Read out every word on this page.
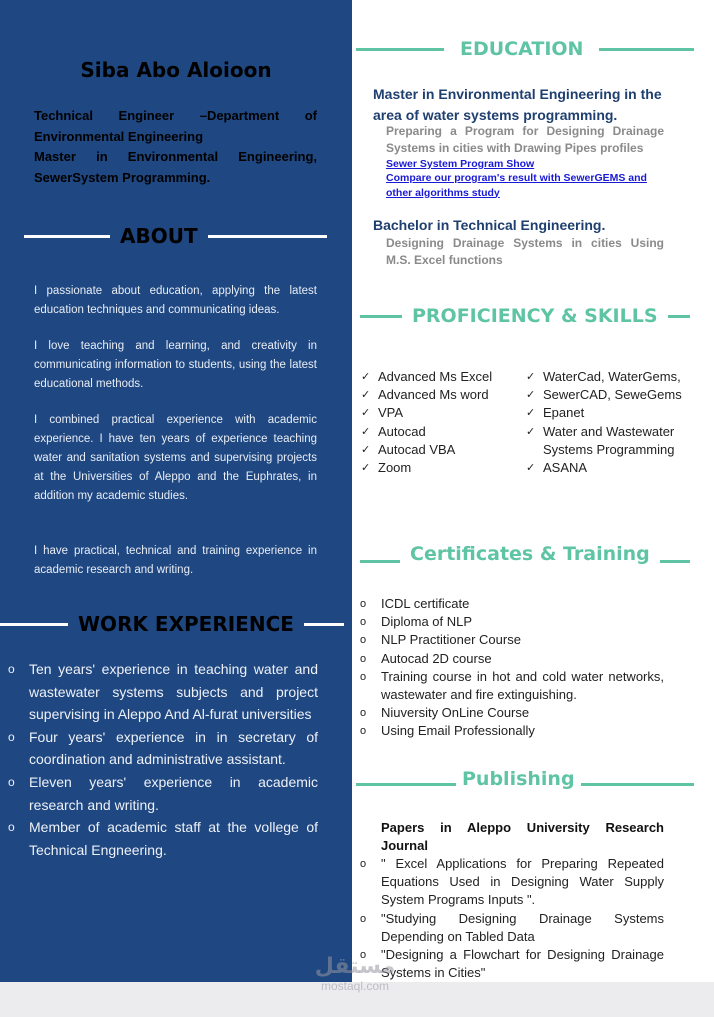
Siba Abo Aloioon
Technical Engineer –Department of Environmental Engineering
Master in Environmental Engineering, SewerSystem Programming.
ABOUT

I passionate about education, applying the latest education techniques and communicating ideas.

I love teaching and learning, and creativity in communicating information to students, using the latest educational methods.

I combined practical experience with academic experience. I have ten years of experience teaching water and sanitation systems and supervising projects at the Universities of Aleppo and the Euphrates, in addition my academic studies.

I have practical, technical and training experience in academic research and writing.

WORK EXPERIENCE
o Ten years' experience in teaching water and wastewater systems subjects and project supervising in Aleppo And Al-furat universities
o Four years' experience in in secretary of coordination and administrative assistant.
o Eleven years' experience in academic research and writing.
o Member of academic staff at the vollege of Technical Engneering.
EDUCATION
Master in Environmental Engineering in the area of water systems programming.
Preparing a Program for Designing Drainage Systems in cities with Drawing Pipes profiles
Sewer System Program Show
Compare our program's result with SewerGEMS and other algorithms study
Bachelor in Technical Engineering.
Designing Drainage Systems in cities Using M.S. Excel functions
PROFICIENCY & SKILLS
✓ Advanced Ms Excel
✓ Advanced Ms word
✓ VPA
✓ Autocad
✓ Autocad VBA
✓ Zoom
✓ WaterCad, WaterGems,
✓ SewerCAD, SeweGems
✓ Epanet
✓ Water and Wastewater Systems Programming
✓ ASANA
Certificates & Training
o ICDL certificate
o Diploma of NLP
o NLP Practitioner Course
o Autocad 2D course
o Training course in hot and cold water networks, wastewater and fire extinguishing.
o Niuversity OnLine Course
o Using Email Professionally
Publishing
Papers in Aleppo University Research Journal
o " Excel Applications for Preparing Repeated Equations Used in Designing Water Supply System Programs Inputs ".
o "Studying Designing Drainage Systems Depending on Tabled Data
o "Designing a Flowchart for Designing Drainage Systems in Cities"
مستقل
mostaql.com
